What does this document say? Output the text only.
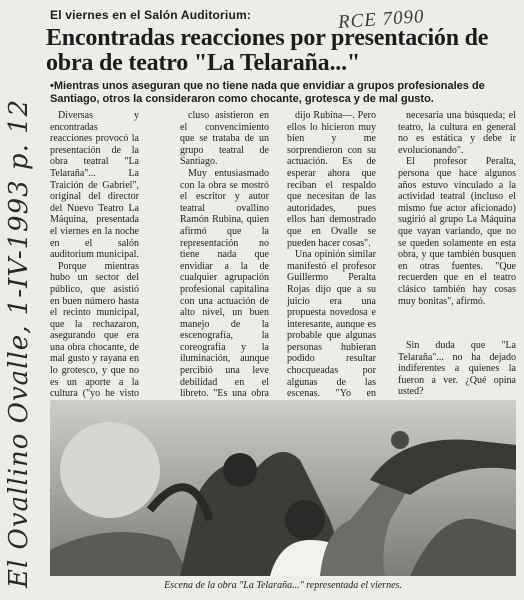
El viernes en el Salón Auditorium:	RCE 7090
Encontradas reacciones por presentación de obra de teatro "La Telaraña..."
•Mientras unos aseguran que no tiene nada que envidiar a grupos profesionales de Santiago, otros la consideraron como chocante, grotesca y de mal gusto.
El Ovallino Ovalle, 1-IV-1993 p. 12	Diversas y encontradas reacciones provocó la presentación de la obra teatral "La Telaraña"... La Traición de Gabriel", original del director del Nuevo Teatro La Máquina, presentada el viernes en la noche en el salón auditorium municipal.

Porque mientras hubo un sector del público, que asistió en buen número hasta el recinto municipal, que la rechazaron, asegurando que era una obra chocante, de mal gusto y rayana en lo grotesco, y que no es un aporte a la cultura ("yo he visto

cluso asistieron en el convencimiento que se trataba de un grupo teatral de Santiago.

Muy entusiasmado con la obra se mostró el escritor y autor teatral ovallino Ramón Rubina, quien afirmó que la representación no tiene nada que envidiar a la de cualquier agrupación profesional capitalina con una actuación de alto nivel, un buen manejo de la escenografía, la coreografía y la iluminación, aunque percibió una leve debilidad en el libreto. "Es una obra

dijo Rubina—. Pero ellos lo hicieron muy bien y me sorprendieron con su actuación. Es de esperar ahora que reciban el respaldo que necesitan de las autoridades, pues ellos han demostrado que en Ovalle se pueden hacer cosas".

Una opinión similar manifestó el profesor Guillermo Peralta Rojas dijo que a su juicio era una propuesta novedosa e interesante, aunque es probable que algunas personas hubieran podido resultar chocqueadas por algunas de las escenas. "Yo en

necesaria una búsqueda; el teatro, la cultura en general no es estática y debe ir evolucionando".

El profesor Peralta, persona que hace algunos años estuvo vinculado a la actividad teatral (incluso el mismo fue actor aficionado) sugirió al grupo La Máquina que vayan variando, que no se queden solamente en esta obra, y que también busquen en otras fuentes. "Que recuerden que en el teatro clásico también hay cosas muy bonitas", afirmó.

Sin duda que "La Telaraña"... no ha dejado indiferentes a quienes la fueron a ver. ¿Qué opina usted?

Escena de la obra "La Telaraña..." representada el viernes.
